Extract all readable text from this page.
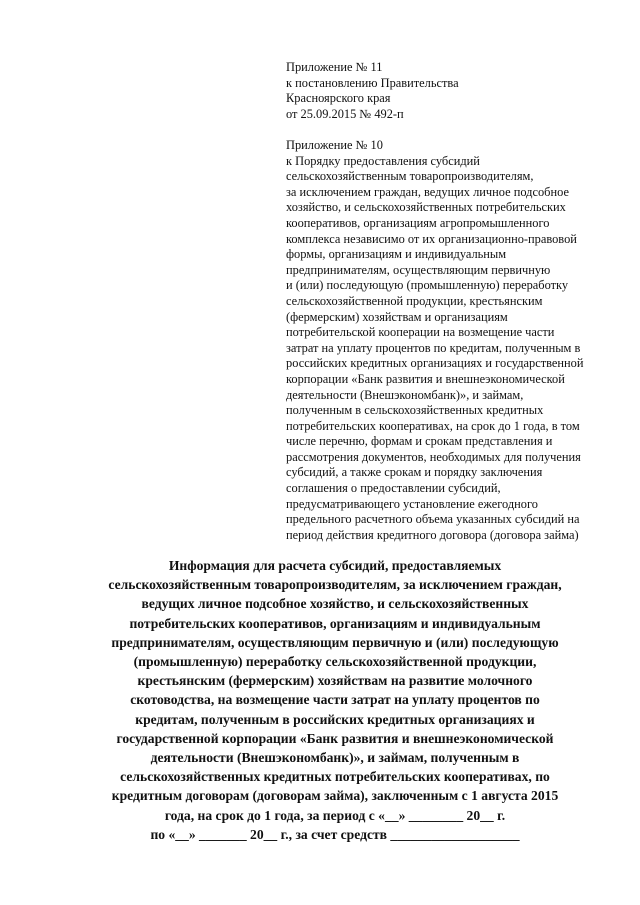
Приложение № 11
к постановлению Правительства
Красноярского края
от 25.09.2015 № 492-п
Приложение № 10
к Порядку предоставления субсидий
сельскохозяйственным товаропроизводителям,
за исключением граждан, ведущих личное подсобное
хозяйство, и сельскохозяйственных потребительских
кооперативов, организациям агропромышленного
комплекса независимо от их организационно-правовой
формы, организациям и индивидуальным
предпринимателям, осуществляющим первичную
и (или) последующую (промышленную) переработку
сельскохозяйственной продукции, крестьянским
(фермерским) хозяйствам и организациям
потребительской кооперации на возмещение части
затрат на уплату процентов по кредитам, полученным в
российских кредитных организациях и государственной
корпорации «Банк развития и внешнеэкономической
деятельности (Внешэкономбанк)», и займам,
полученным в сельскохозяйственных кредитных
потребительских кооперативах, на срок до 1 года, в том
числе перечню, формам и срокам представления и
рассмотрения документов, необходимых для получения
субсидий, а также срокам и порядку заключения
соглашения о предоставлении субсидий,
предусматривающего установление ежегодного
предельного расчетного объема указанных субсидий на
период действия кредитного договора (договора займа)
Информация для расчета субсидий, предоставляемых
сельскохозяйственным товаропроизводителям, за исключением граждан,
ведущих личное подсобное хозяйство, и сельскохозяйственных
потребительских кооперативов, организациям и индивидуальным
предпринимателям, осуществляющим первичную и (или) последующую
(промышленную) переработку сельскохозяйственной продукции,
крестьянским (фермерским) хозяйствам на развитие молочного
скотоводства, на возмещение части затрат на уплату процентов по
кредитам, полученным в российских кредитных организациях и
государственной корпорации «Банк развития и внешнеэкономической
деятельности (Внешэкономбанк)», и займам, полученным в
сельскохозяйственных кредитных потребительских кооперативах, по
кредитным договорам (договорам займа), заключенным с 1 августа 2015
года, на срок до 1 года, за период с «__» ________ 20__ г.
по «__» _______ 20__ г., за счет средств ___________________
